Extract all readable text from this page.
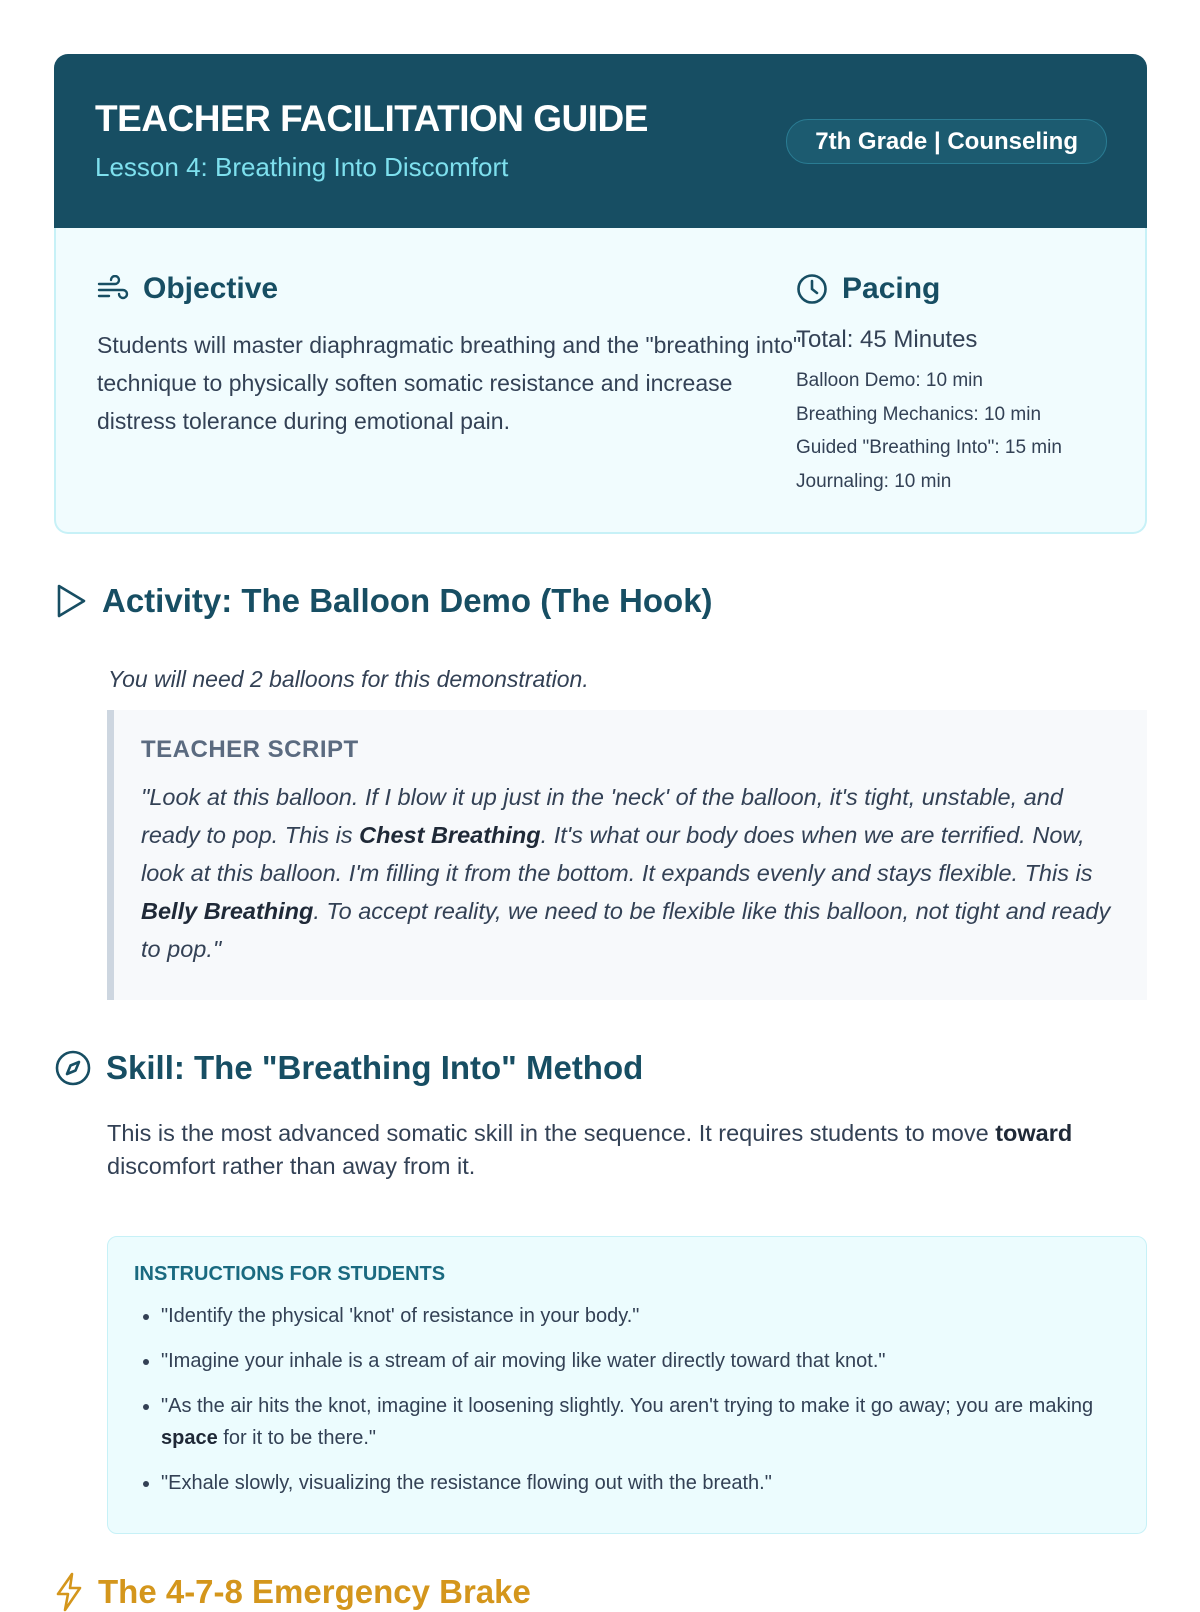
TEACHER FACILITATION GUIDE
Lesson 4: Breathing Into Discomfort
7th Grade | Counseling
Objective
Students will master diaphragmatic breathing and the "breathing into" technique to physically soften somatic resistance and increase distress tolerance during emotional pain.
Pacing
Total: 45 Minutes
Balloon Demo: 10 min
Breathing Mechanics: 10 min
Guided "Breathing Into": 15 min
Journaling: 10 min
Activity: The Balloon Demo (The Hook)
You will need 2 balloons for this demonstration.
TEACHER SCRIPT
"Look at this balloon. If I blow it up just in the 'neck' of the balloon, it's tight, unstable, and ready to pop. This is Chest Breathing. It's what our body does when we are terrified. Now, look at this balloon. I'm filling it from the bottom. It expands evenly and stays flexible. This is Belly Breathing. To accept reality, we need to be flexible like this balloon, not tight and ready to pop."
Skill: The "Breathing Into" Method
This is the most advanced somatic skill in the sequence. It requires students to move toward discomfort rather than away from it.
INSTRUCTIONS FOR STUDENTS
• "Identify the physical 'knot' of resistance in your body."
• "Imagine your inhale is a stream of air moving like water directly toward that knot."
• "As the air hits the knot, imagine it loosening slightly. You aren't trying to make it go away; you are making space for it to be there."
• "Exhale slowly, visualizing the resistance flowing out with the breath."
The 4-7-8 Emergency Brake
